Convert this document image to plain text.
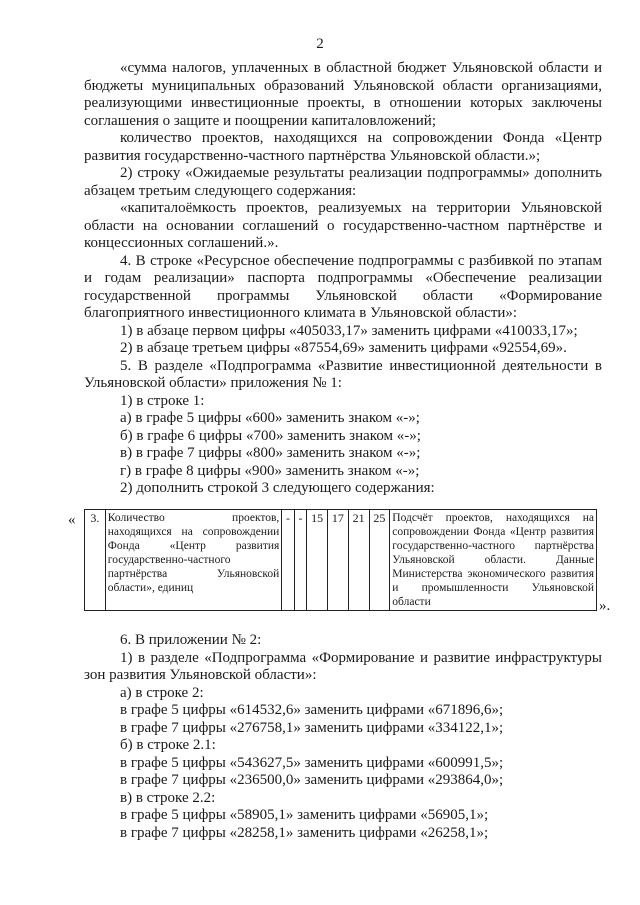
2

«сумма налогов, уплаченных в областной бюджет Ульяновской области и бюджеты муниципальных образований Ульяновской области организациями, реализующими инвестиционные проекты, в отношении которых заключены соглашения о защите и поощрении капиталовложений;

количество проектов, находящихся на сопровождении Фонда «Центр развития государственно-частного партнёрства Ульяновской области.»;

2) строку «Ожидаемые результаты реализации подпрограммы» дополнить абзацем третьим следующего содержания:

«капиталоёмкость проектов, реализуемых на территории Ульяновской области на основании соглашений о государственно-частном партнёрстве и концессионных соглашений.».

4. В строке «Ресурсное обеспечение подпрограммы с разбивкой по этапам и годам реализации» паспорта подпрограммы «Обеспечение реализации государственной программы Ульяновской области «Формирование благоприятного инвестиционного климата в Ульяновской области»:

1) в абзаце первом цифры «405033,17» заменить цифрами «410033,17»;

2) в абзаце третьем цифры «87554,69» заменить цифрами «92554,69».

5. В разделе «Подпрограмма «Развитие инвестиционной деятельности в Ульяновской области» приложения № 1:

1) в строке 1:

а) в графе 5 цифры «600» заменить знаком «-»;

б) в графе 6 цифры «700» заменить знаком «-»;

в) в графе 7 цифры «800» заменить знаком «-»;

г) в графе 8 цифры «900» заменить знаком «-»;

2) дополнить строкой 3 следующего содержания:

« 3.	Количество проектов, находящихся на сопровождении Фонда «Центр развития государственно-частного партнёрства Ульяновской области», единиц	-	-	15	17	21	25	Подсчёт проектов, находящихся на сопровождении Фонда «Центр развития государственно-частного партнёрства Ульяновской области. Данные Министерства экономического развития и промышленности Ульяновской области	».

6. В приложении № 2:

1) в разделе «Подпрограмма «Формирование и развитие инфраструктуры зон развития Ульяновской области»:

а) в строке 2:

в графе 5 цифры «614532,6» заменить цифрами «671896,6»;

в графе 7 цифры «276758,1» заменить цифрами «334122,1»;

б) в строке 2.1:

в графе 5 цифры «543627,5» заменить цифрами «600991,5»;

в графе 7 цифры «236500,0» заменить цифрами «293864,0»;

в) в строке 2.2:

в графе 5 цифры «58905,1» заменить цифрами «56905,1»;

в графе 7 цифры «28258,1» заменить цифрами «26258,1»;
